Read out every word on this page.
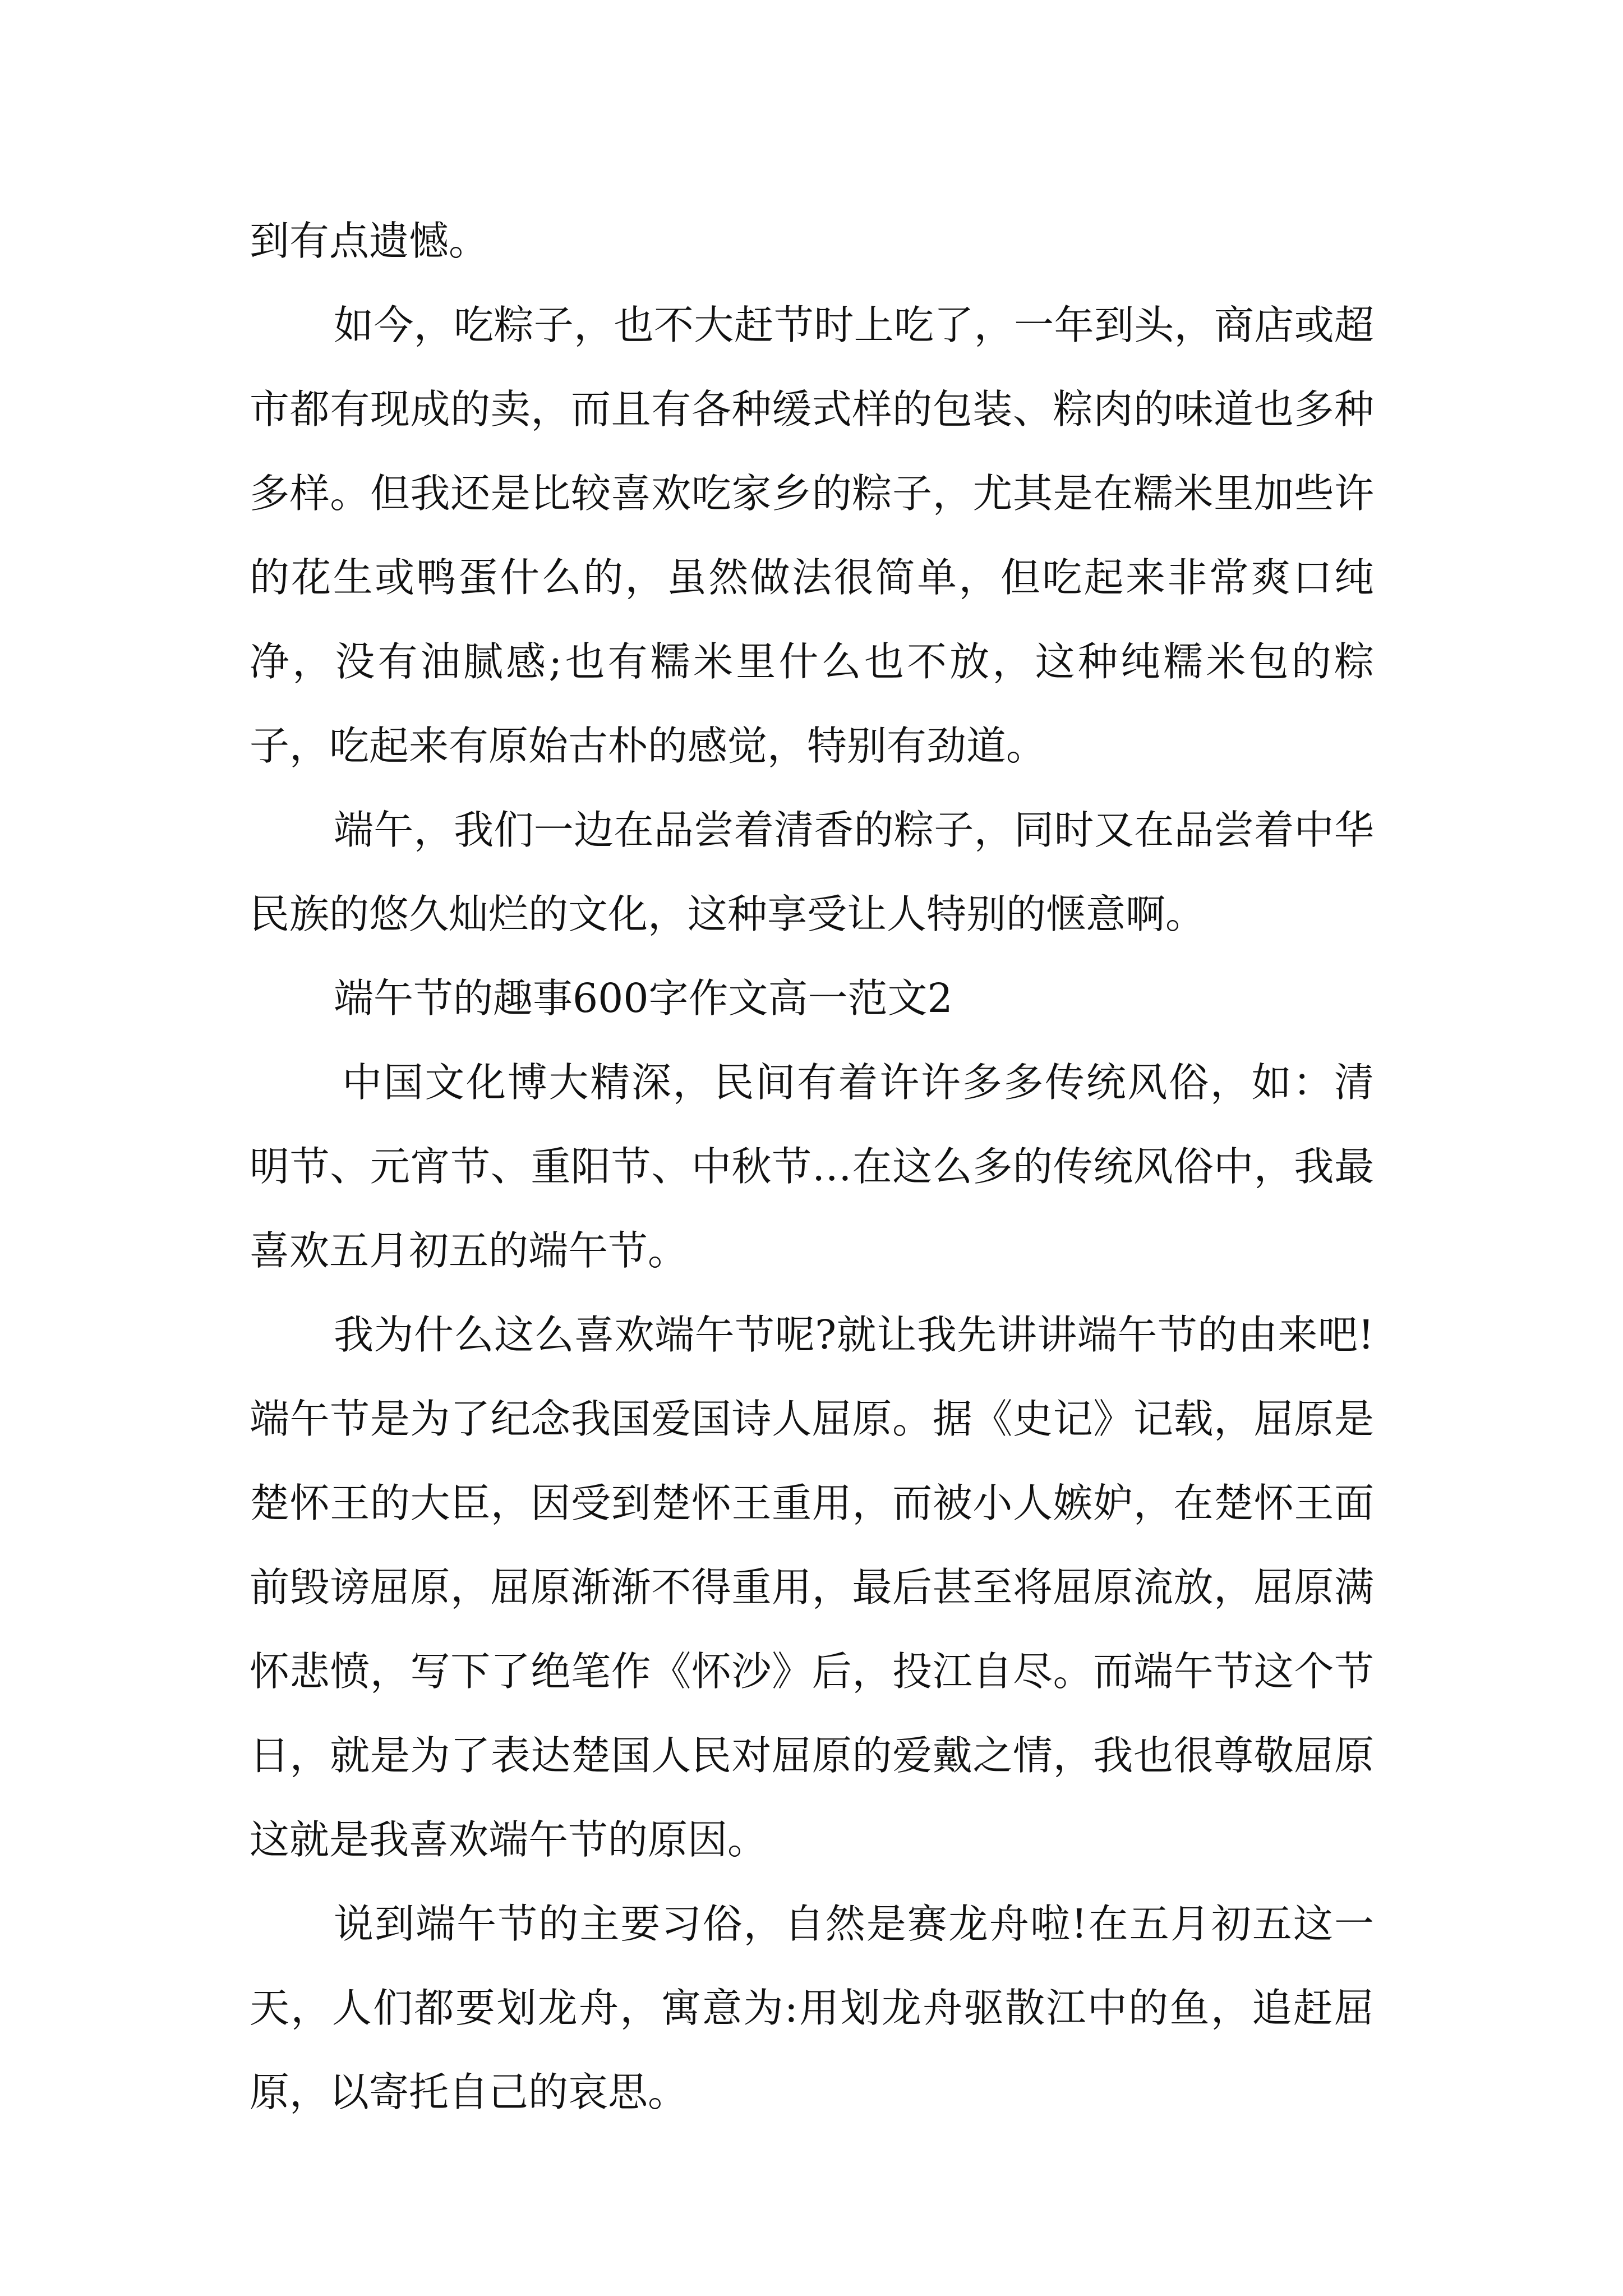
到有点遗憾。

如今，吃粽子，也不大赶节时上吃了，一年到头，商店或超市都有现成的卖，而且有各种缓式样的包装、粽肉的味道也多种多样。但我还是比较喜欢吃家乡的粽子，尤其是在糯米里加些许的花生或鸭蛋什么的，虽然做法很简单，但吃起来非常爽口纯净，没有油腻感;也有糯米里什么也不放，这种纯糯米包的粽子，吃起来有原始古朴的感觉，特别有劲道。

端午，我们一边在品尝着清香的粽子，同时又在品尝着中华民族的悠久灿烂的文化，这种享受让人特别的惬意啊。

端午节的趣事600字作文高一范文2

中国文化博大精深，民间有着许许多多传统风俗，如：清明节、元宵节、重阳节、中秋节…在这么多的传统风俗中，我最喜欢五月初五的端午节。

我为什么这么喜欢端午节呢?就让我先讲讲端午节的由来吧!端午节是为了纪念我国爱国诗人屈原。据《史记》记载，屈原是楚怀王的大臣，因受到楚怀王重用，而被小人嫉妒，在楚怀王面前毁谤屈原，屈原渐渐不得重用，最后甚至将屈原流放，屈原满怀悲愤，写下了绝笔作《怀沙》后，投江自尽。而端午节这个节日，就是为了表达楚国人民对屈原的爱戴之情，我也很尊敬屈原这就是我喜欢端午节的原因。

说到端午节的主要习俗，自然是赛龙舟啦!在五月初五这一天，人们都要划龙舟，寓意为:用划龙舟驱散江中的鱼，追赶屈原，以寄托自己的哀思。
